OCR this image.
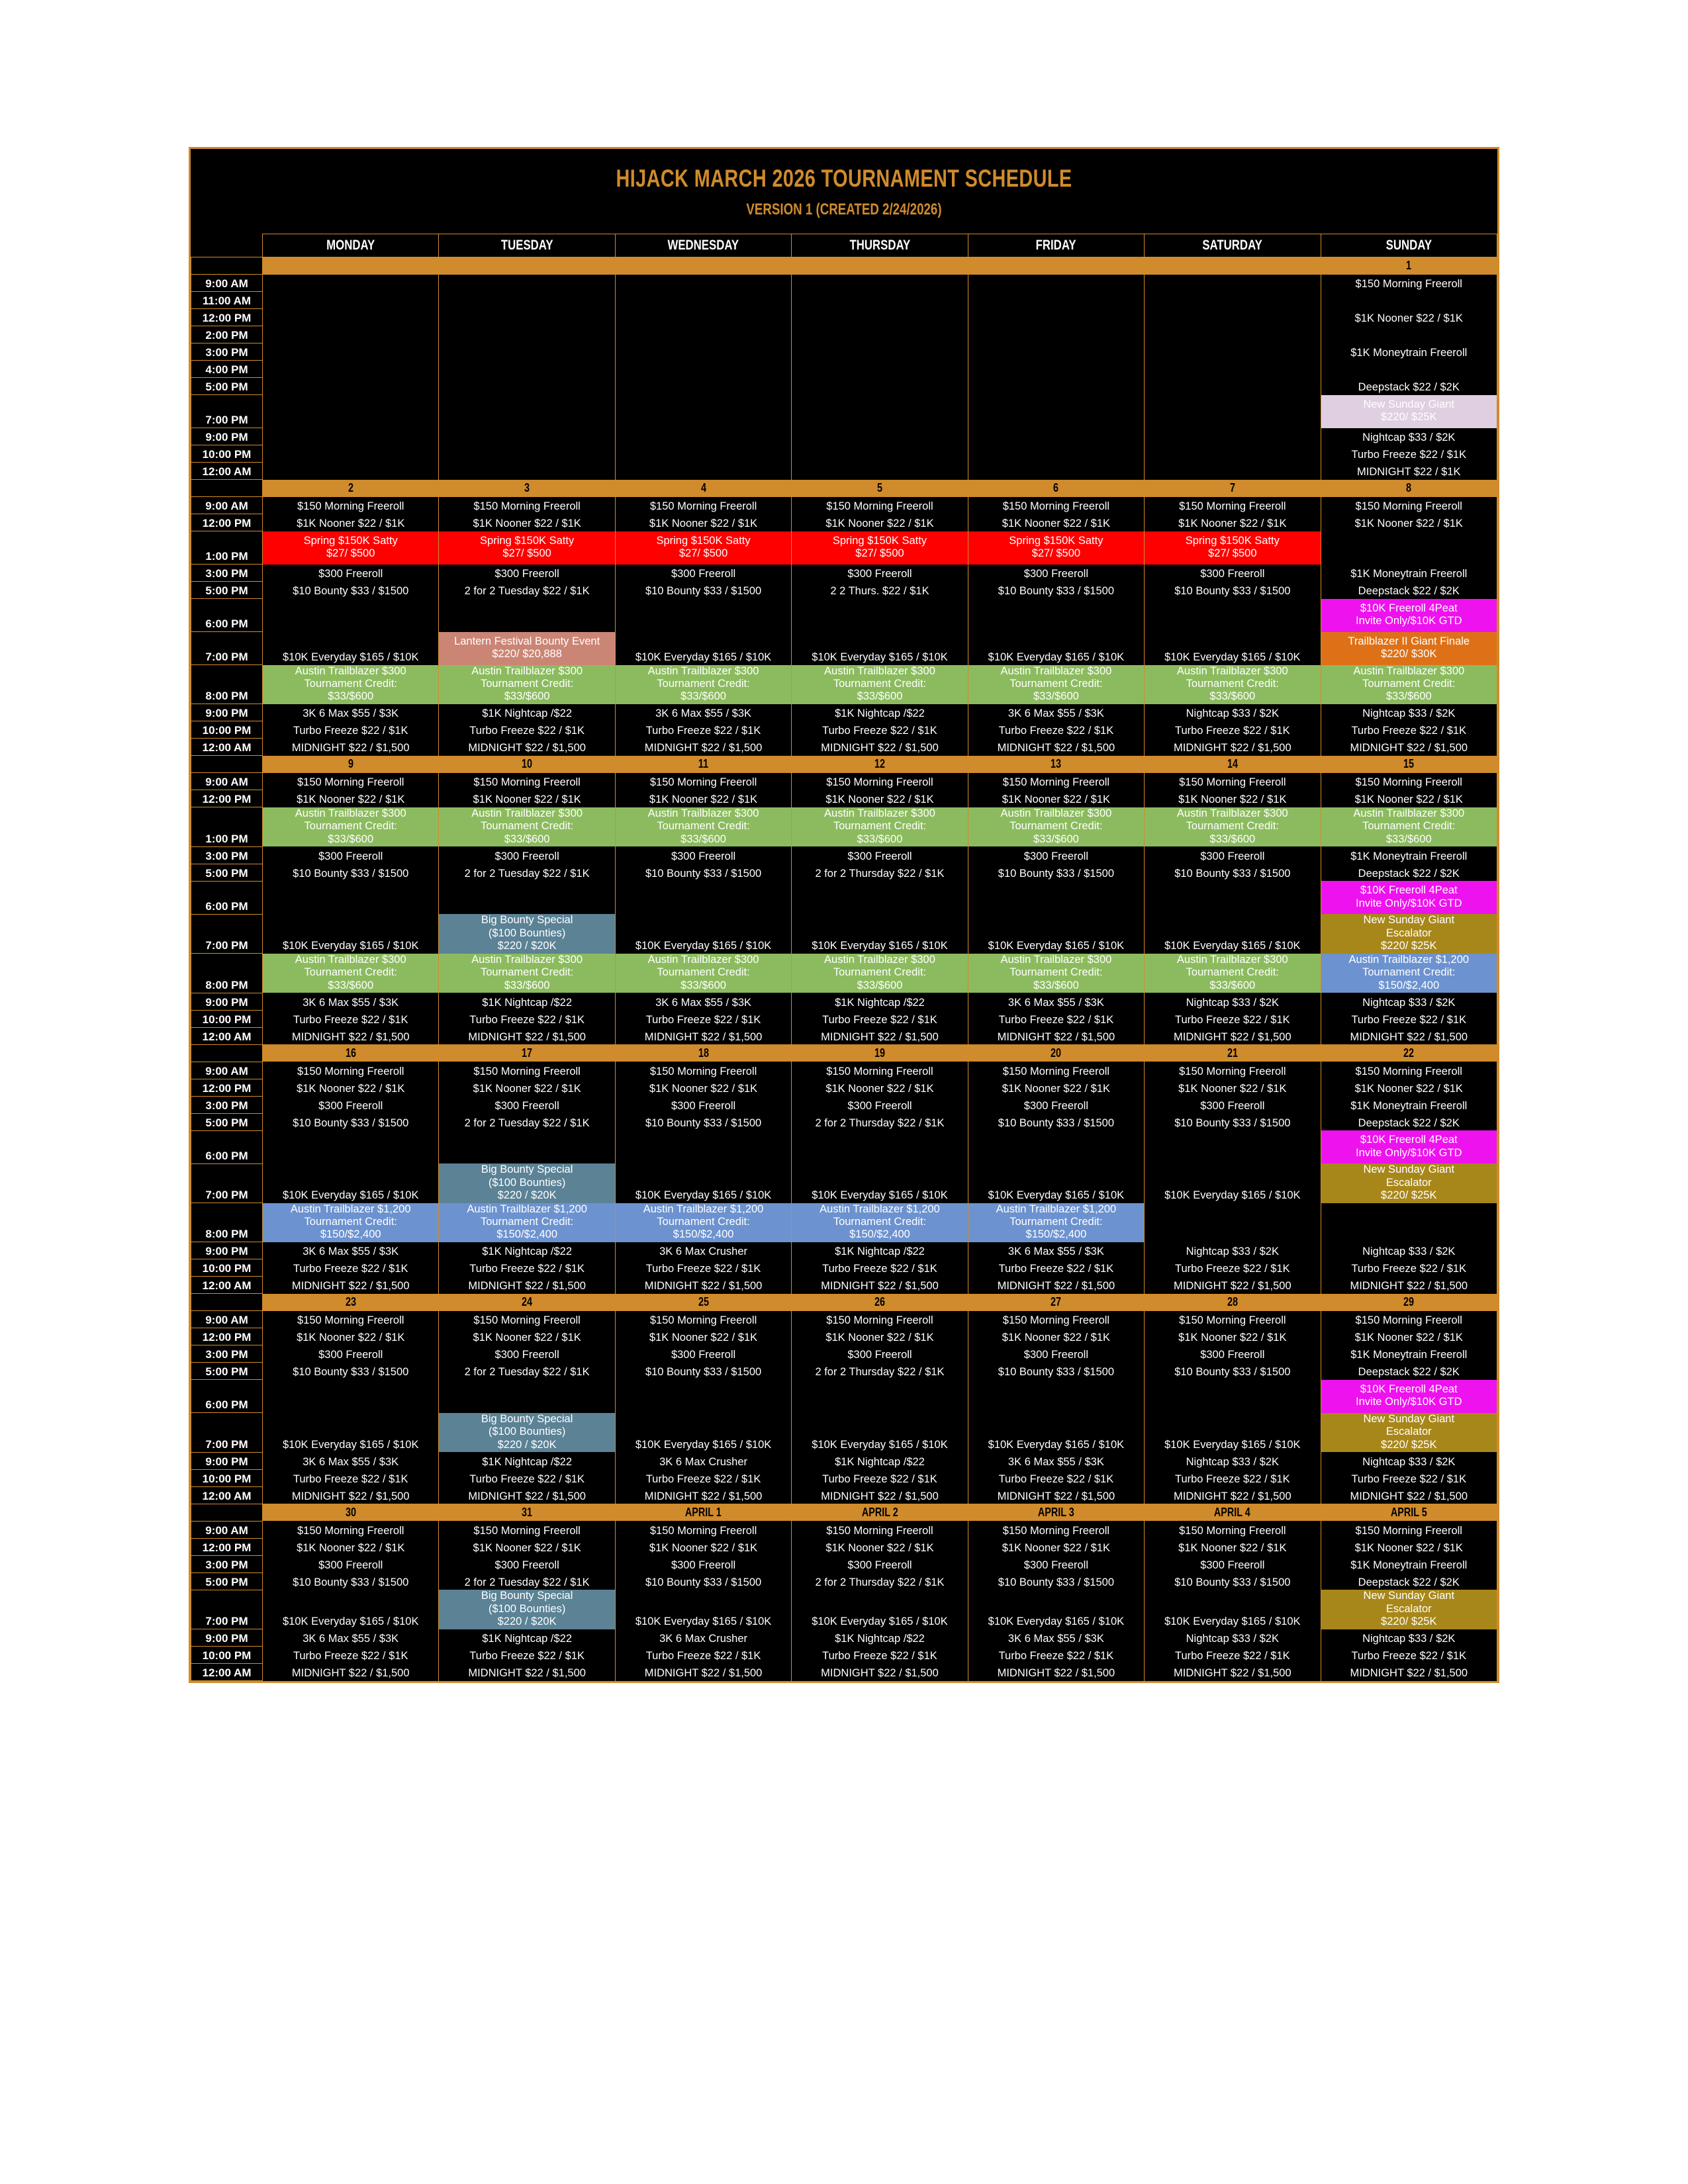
HIJACK MARCH 2026 TOURNAMENT SCHEDULE
VERSION 1 (CREATED 2/24/2026)
	MONDAY	TUESDAY	WEDNESDAY	THURSDAY	FRIDAY	SATURDAY	SUNDAY
							1
9:00 AM							$150 Morning Freeroll
11:00 AM							
12:00 PM							$1K Nooner $22 / $1K
2:00 PM							
3:00 PM							$1K Moneytrain Freeroll
4:00 PM							
5:00 PM							Deepstack $22 / $2K
7:00 PM							New Sunday Giant
$220/ $25K
9:00 PM							Nightcap $33 / $2K
10:00 PM							Turbo Freeze $22 / $1K
12:00 AM							MIDNIGHT $22 / $1K
	2	3	4	5	6	7	8
9:00 AM	$150 Morning Freeroll	$150 Morning Freeroll	$150 Morning Freeroll	$150 Morning Freeroll	$150 Morning Freeroll	$150 Morning Freeroll	$150 Morning Freeroll
12:00 PM	$1K Nooner $22 / $1K	$1K Nooner $22 / $1K	$1K Nooner $22 / $1K	$1K Nooner $22 / $1K	$1K Nooner $22 / $1K	$1K Nooner $22 / $1K	$1K Nooner $22 / $1K
1:00 PM	Spring $150K Satty
$27/ $500	Spring $150K Satty
$27/ $500	Spring $150K Satty
$27/ $500	Spring $150K Satty
$27/ $500	Spring $150K Satty
$27/ $500	Spring $150K Satty
$27/ $500	
3:00 PM	$300 Freeroll	$300 Freeroll	$300 Freeroll	$300 Freeroll	$300 Freeroll	$300 Freeroll	$1K Moneytrain Freeroll
5:00 PM	$10 Bounty $33 / $1500	2 for 2 Tuesday $22 / $1K	$10 Bounty $33 / $1500	2 2 Thurs. $22 / $1K	$10 Bounty $33 / $1500	$10 Bounty $33 / $1500	Deepstack $22 / $2K
6:00 PM							$10K Freeroll 4Peat
Invite Only/$10K GTD
7:00 PM	$10K Everyday $165 / $10K	Lantern Festival Bounty Event
$220/ $20,888	$10K Everyday $165 / $10K	$10K Everyday $165 / $10K	$10K Everyday $165 / $10K	$10K Everyday $165 / $10K	Trailblazer II Giant Finale
$220/ $30K
8:00 PM	Austin Trailblazer $300
Tournament Credit:
$33/$600	Austin Trailblazer $300
Tournament Credit:
$33/$600	Austin Trailblazer $300
Tournament Credit:
$33/$600	Austin Trailblazer $300
Tournament Credit:
$33/$600	Austin Trailblazer $300
Tournament Credit:
$33/$600	Austin Trailblazer $300
Tournament Credit:
$33/$600	Austin Trailblazer $300
Tournament Credit:
$33/$600
9:00 PM	3K 6 Max $55 / $3K	$1K Nightcap /$22	3K 6 Max $55 / $3K	$1K Nightcap /$22	3K 6 Max $55 / $3K	Nightcap $33 / $2K	Nightcap $33 / $2K
10:00 PM	Turbo Freeze $22 / $1K	Turbo Freeze $22 / $1K	Turbo Freeze $22 / $1K	Turbo Freeze $22 / $1K	Turbo Freeze $22 / $1K	Turbo Freeze $22 / $1K	Turbo Freeze $22 / $1K
12:00 AM	MIDNIGHT $22 / $1,500	MIDNIGHT $22 / $1,500	MIDNIGHT $22 / $1,500	MIDNIGHT $22 / $1,500	MIDNIGHT $22 / $1,500	MIDNIGHT $22 / $1,500	MIDNIGHT $22 / $1,500
	9	10	11	12	13	14	15
9:00 AM	$150 Morning Freeroll	$150 Morning Freeroll	$150 Morning Freeroll	$150 Morning Freeroll	$150 Morning Freeroll	$150 Morning Freeroll	$150 Morning Freeroll
12:00 PM	$1K Nooner $22 / $1K	$1K Nooner $22 / $1K	$1K Nooner $22 / $1K	$1K Nooner $22 / $1K	$1K Nooner $22 / $1K	$1K Nooner $22 / $1K	$1K Nooner $22 / $1K
1:00 PM	Austin Trailblazer $300
Tournament Credit:
$33/$600	Austin Trailblazer $300
Tournament Credit:
$33/$600	Austin Trailblazer $300
Tournament Credit:
$33/$600	Austin Trailblazer $300
Tournament Credit:
$33/$600	Austin Trailblazer $300
Tournament Credit:
$33/$600	Austin Trailblazer $300
Tournament Credit:
$33/$600	Austin Trailblazer $300
Tournament Credit:
$33/$600
3:00 PM	$300 Freeroll	$300 Freeroll	$300 Freeroll	$300 Freeroll	$300 Freeroll	$300 Freeroll	$1K Moneytrain Freeroll
5:00 PM	$10 Bounty $33 / $1500	2 for 2 Tuesday $22 / $1K	$10 Bounty $33 / $1500	2 for 2 Thursday $22 / $1K	$10 Bounty $33 / $1500	$10 Bounty $33 / $1500	Deepstack $22 / $2K
6:00 PM							$10K Freeroll 4Peat
Invite Only/$10K GTD
7:00 PM	$10K Everyday $165 / $10K	Big Bounty Special
($100 Bounties)
$220 / $20K	$10K Everyday $165 / $10K	$10K Everyday $165 / $10K	$10K Everyday $165 / $10K	$10K Everyday $165 / $10K	New Sunday Giant
Escalator
$220/ $25K
8:00 PM	Austin Trailblazer $300
Tournament Credit:
$33/$600	Austin Trailblazer $300
Tournament Credit:
$33/$600	Austin Trailblazer $300
Tournament Credit:
$33/$600	Austin Trailblazer $300
Tournament Credit:
$33/$600	Austin Trailblazer $300
Tournament Credit:
$33/$600	Austin Trailblazer $300
Tournament Credit:
$33/$600	Austin Trailblazer $1,200
Tournament Credit:
$150/$2,400
9:00 PM	3K 6 Max $55 / $3K	$1K Nightcap /$22	3K 6 Max $55 / $3K	$1K Nightcap /$22	3K 6 Max $55 / $3K	Nightcap $33 / $2K	Nightcap $33 / $2K
10:00 PM	Turbo Freeze $22 / $1K	Turbo Freeze $22 / $1K	Turbo Freeze $22 / $1K	Turbo Freeze $22 / $1K	Turbo Freeze $22 / $1K	Turbo Freeze $22 / $1K	Turbo Freeze $22 / $1K
12:00 AM	MIDNIGHT $22 / $1,500	MIDNIGHT $22 / $1,500	MIDNIGHT $22 / $1,500	MIDNIGHT $22 / $1,500	MIDNIGHT $22 / $1,500	MIDNIGHT $22 / $1,500	MIDNIGHT $22 / $1,500
	16	17	18	19	20	21	22
9:00 AM	$150 Morning Freeroll	$150 Morning Freeroll	$150 Morning Freeroll	$150 Morning Freeroll	$150 Morning Freeroll	$150 Morning Freeroll	$150 Morning Freeroll
12:00 PM	$1K Nooner $22 / $1K	$1K Nooner $22 / $1K	$1K Nooner $22 / $1K	$1K Nooner $22 / $1K	$1K Nooner $22 / $1K	$1K Nooner $22 / $1K	$1K Nooner $22 / $1K
3:00 PM	$300 Freeroll	$300 Freeroll	$300 Freeroll	$300 Freeroll	$300 Freeroll	$300 Freeroll	$1K Moneytrain Freeroll
5:00 PM	$10 Bounty $33 / $1500	2 for 2 Tuesday $22 / $1K	$10 Bounty $33 / $1500	2 for 2 Thursday $22 / $1K	$10 Bounty $33 / $1500	$10 Bounty $33 / $1500	Deepstack $22 / $2K
6:00 PM							$10K Freeroll 4Peat
Invite Only/$10K GTD
7:00 PM	$10K Everyday $165 / $10K	Big Bounty Special
($100 Bounties)
$220 / $20K	$10K Everyday $165 / $10K	$10K Everyday $165 / $10K	$10K Everyday $165 / $10K	$10K Everyday $165 / $10K	New Sunday Giant
Escalator
$220/ $25K
8:00 PM	Austin Trailblazer $1,200
Tournament Credit:
$150/$2,400	Austin Trailblazer $1,200
Tournament Credit:
$150/$2,400	Austin Trailblazer $1,200
Tournament Credit:
$150/$2,400	Austin Trailblazer $1,200
Tournament Credit:
$150/$2,400	Austin Trailblazer $1,200
Tournament Credit:
$150/$2,400		
9:00 PM	3K 6 Max $55 / $3K	$1K Nightcap /$22	3K 6 Max Crusher	$1K Nightcap /$22	3K 6 Max $55 / $3K	Nightcap $33 / $2K	Nightcap $33 / $2K
10:00 PM	Turbo Freeze $22 / $1K	Turbo Freeze $22 / $1K	Turbo Freeze $22 / $1K	Turbo Freeze $22 / $1K	Turbo Freeze $22 / $1K	Turbo Freeze $22 / $1K	Turbo Freeze $22 / $1K
12:00 AM	MIDNIGHT $22 / $1,500	MIDNIGHT $22 / $1,500	MIDNIGHT $22 / $1,500	MIDNIGHT $22 / $1,500	MIDNIGHT $22 / $1,500	MIDNIGHT $22 / $1,500	MIDNIGHT $22 / $1,500
	23	24	25	26	27	28	29
9:00 AM	$150 Morning Freeroll	$150 Morning Freeroll	$150 Morning Freeroll	$150 Morning Freeroll	$150 Morning Freeroll	$150 Morning Freeroll	$150 Morning Freeroll
12:00 PM	$1K Nooner $22 / $1K	$1K Nooner $22 / $1K	$1K Nooner $22 / $1K	$1K Nooner $22 / $1K	$1K Nooner $22 / $1K	$1K Nooner $22 / $1K	$1K Nooner $22 / $1K
3:00 PM	$300 Freeroll	$300 Freeroll	$300 Freeroll	$300 Freeroll	$300 Freeroll	$300 Freeroll	$1K Moneytrain Freeroll
5:00 PM	$10 Bounty $33 / $1500	2 for 2 Tuesday $22 / $1K	$10 Bounty $33 / $1500	2 for 2 Thursday $22 / $1K	$10 Bounty $33 / $1500	$10 Bounty $33 / $1500	Deepstack $22 / $2K
6:00 PM							$10K Freeroll 4Peat
Invite Only/$10K GTD
7:00 PM	$10K Everyday $165 / $10K	Big Bounty Special
($100 Bounties)
$220 / $20K	$10K Everyday $165 / $10K	$10K Everyday $165 / $10K	$10K Everyday $165 / $10K	$10K Everyday $165 / $10K	New Sunday Giant
Escalator
$220/ $25K
9:00 PM	3K 6 Max $55 / $3K	$1K Nightcap /$22	3K 6 Max Crusher	$1K Nightcap /$22	3K 6 Max $55 / $3K	Nightcap $33 / $2K	Nightcap $33 / $2K
10:00 PM	Turbo Freeze $22 / $1K	Turbo Freeze $22 / $1K	Turbo Freeze $22 / $1K	Turbo Freeze $22 / $1K	Turbo Freeze $22 / $1K	Turbo Freeze $22 / $1K	Turbo Freeze $22 / $1K
12:00 AM	MIDNIGHT $22 / $1,500	MIDNIGHT $22 / $1,500	MIDNIGHT $22 / $1,500	MIDNIGHT $22 / $1,500	MIDNIGHT $22 / $1,500	MIDNIGHT $22 / $1,500	MIDNIGHT $22 / $1,500
	30	31	APRIL 1	APRIL 2	APRIL 3	APRIL 4	APRIL 5
9:00 AM	$150 Morning Freeroll	$150 Morning Freeroll	$150 Morning Freeroll	$150 Morning Freeroll	$150 Morning Freeroll	$150 Morning Freeroll	$150 Morning Freeroll
12:00 PM	$1K Nooner $22 / $1K	$1K Nooner $22 / $1K	$1K Nooner $22 / $1K	$1K Nooner $22 / $1K	$1K Nooner $22 / $1K	$1K Nooner $22 / $1K	$1K Nooner $22 / $1K
3:00 PM	$300 Freeroll	$300 Freeroll	$300 Freeroll	$300 Freeroll	$300 Freeroll	$300 Freeroll	$1K Moneytrain Freeroll
5:00 PM	$10 Bounty $33 / $1500	2 for 2 Tuesday $22 / $1K	$10 Bounty $33 / $1500	2 for 2 Thursday $22 / $1K	$10 Bounty $33 / $1500	$10 Bounty $33 / $1500	Deepstack $22 / $2K
7:00 PM	$10K Everyday $165 / $10K	Big Bounty Special
($100 Bounties)
$220 / $20K	$10K Everyday $165 / $10K	$10K Everyday $165 / $10K	$10K Everyday $165 / $10K	$10K Everyday $165 / $10K	New Sunday Giant
Escalator
$220/ $25K
9:00 PM	3K 6 Max $55 / $3K	$1K Nightcap /$22	3K 6 Max Crusher	$1K Nightcap /$22	3K 6 Max $55 / $3K	Nightcap $33 / $2K	Nightcap $33 / $2K
10:00 PM	Turbo Freeze $22 / $1K	Turbo Freeze $22 / $1K	Turbo Freeze $22 / $1K	Turbo Freeze $22 / $1K	Turbo Freeze $22 / $1K	Turbo Freeze $22 / $1K	Turbo Freeze $22 / $1K
12:00 AM	MIDNIGHT $22 / $1,500	MIDNIGHT $22 / $1,500	MIDNIGHT $22 / $1,500	MIDNIGHT $22 / $1,500	MIDNIGHT $22 / $1,500	MIDNIGHT $22 / $1,500	MIDNIGHT $22 / $1,500
